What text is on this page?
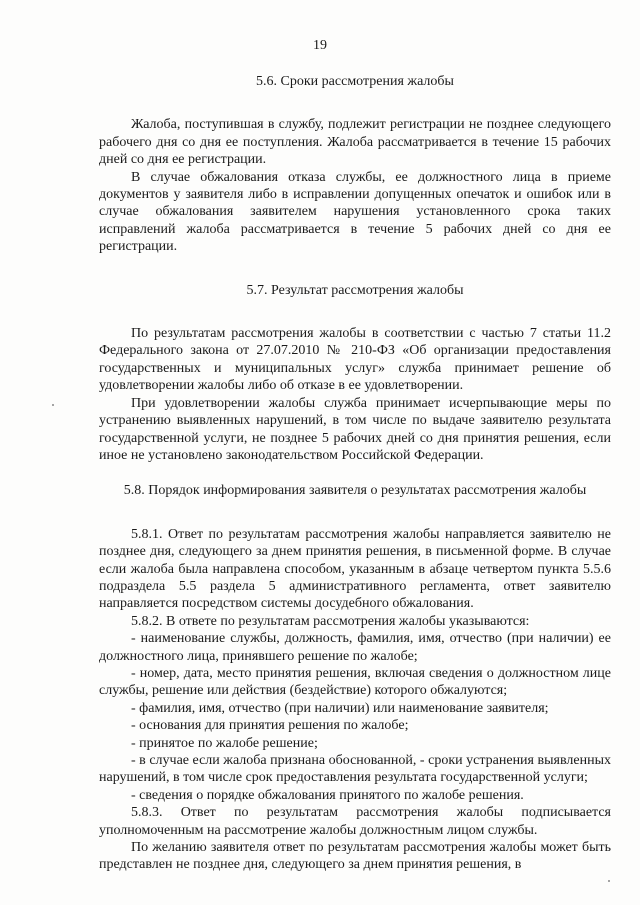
19

5.6. Сроки рассмотрения жалобы

Жалоба, поступившая в службу, подлежит регистрации не позднее следующего рабочего дня со дня ее поступления. Жалоба рассматривается в течение 15 рабочих дней со дня ее регистрации.

В случае обжалования отказа службы, ее должностного лица в приеме документов у заявителя либо в исправлении допущенных опечаток и ошибок или в случае обжалования заявителем нарушения установленного срока таких исправлений жалоба рассматривается в течение 5 рабочих дней со дня ее регистрации.

5.7. Результат рассмотрения жалобы

По результатам рассмотрения жалобы в соответствии с частью 7 статьи 11.2 Федерального закона от 27.07.2010 № 210-ФЗ «Об организации предоставления государственных и муниципальных услуг» служба принимает решение об удовлетворении жалобы либо об отказе в ее удовлетворении.

При удовлетворении жалобы служба принимает исчерпывающие меры по устранению выявленных нарушений, в том числе по выдаче заявителю результата государственной услуги, не позднее 5 рабочих дней со дня принятия решения, если иное не установлено законодательством Российской Федерации.

5.8. Порядок информирования заявителя о результатах рассмотрения жалобы

5.8.1. Ответ по результатам рассмотрения жалобы направляется заявителю не позднее дня, следующего за днем принятия решения, в письменной форме. В случае если жалоба была направлена способом, указанным в абзаце четвертом пункта 5.5.6 подраздела 5.5 раздела 5 административного регламента, ответ заявителю направляется посредством системы досудебного обжалования.

5.8.2. В ответе по результатам рассмотрения жалобы указываются:

- наименование службы, должность, фамилия, имя, отчество (при наличии) ее должностного лица, принявшего решение по жалобе;

- номер, дата, место принятия решения, включая сведения о должностном лице службы, решение или действия (бездействие) которого обжалуются;

- фамилия, имя, отчество (при наличии) или наименование заявителя;

- основания для принятия решения по жалобе;

- принятое по жалобе решение;

- в случае если жалоба признана обоснованной, - сроки устранения выявленных нарушений, в том числе срок предоставления результата государственной услуги;

- сведения о порядке обжалования принятого по жалобе решения.

5.8.3. Ответ по результатам рассмотрения жалобы подписывается уполномоченным на рассмотрение жалобы должностным лицом службы.

По желанию заявителя ответ по результатам рассмотрения жалобы может быть представлен не позднее дня, следующего за днем принятия решения, в
